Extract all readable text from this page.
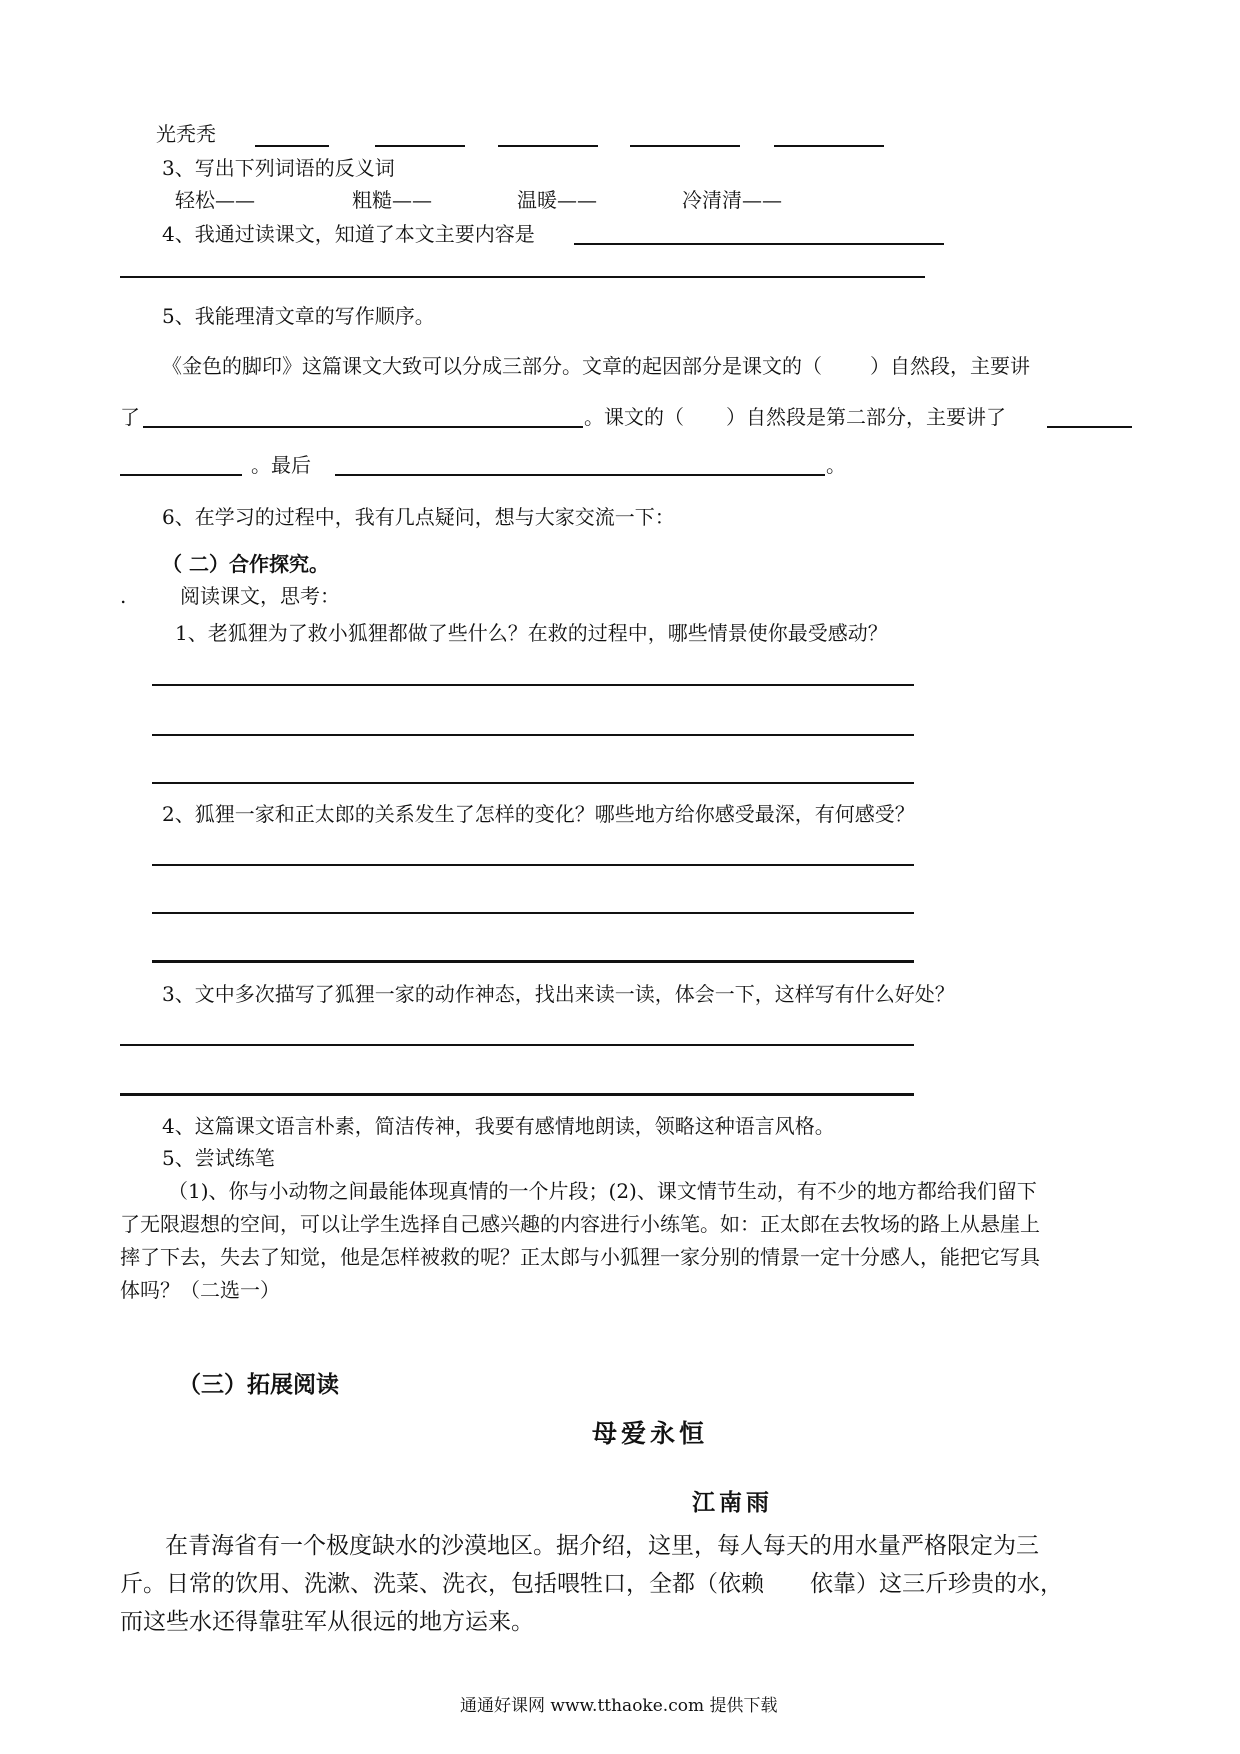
光秃秃
3、写出下列词语的反义词
轻松——	粗糙——	温暖——	冷清清——
4、我通过读课文，知道了本文主要内容是
5、我能理清文章的写作顺序。
《金色的脚印》这篇课文大致可以分成三部分。文章的起因部分是课文的（ ）自然段，主要讲
了	。课文的（ ）自然段是第二部分，主要讲了
。最后	。
6、在学习的过程中，我有几点疑问，想与大家交流一下：
（ 二）合作探究。
.	阅读课文，思考：
1、老狐狸为了救小狐狸都做了些什么？在救的过程中，哪些情景使你最受感动？
2、狐狸一家和正太郎的关系发生了怎样的变化？哪些地方给你感受最深，有何感受？
3、文中多次描写了狐狸一家的动作神态，找出来读一读，体会一下，这样写有什么好处？
4、这篇课文语言朴素，简洁传神，我要有感情地朗读，领略这种语言风格。
5、尝试练笔
（1)、你与小动物之间最能体现真情的一个片段；(2)、课文情节生动，有不少的地方都给我们留下
了无限遐想的空间，可以让学生选择自己感兴趣的内容进行小练笔。如：正太郎在去牧场的路上从悬崖上
摔了下去，失去了知觉，他是怎样被救的呢？正太郎与小狐狸一家分别的情景一定十分感人，能把它写具
体吗？（二选一）
（三）拓展阅读
母爱永恒
江南雨
在青海省有一个极度缺水的沙漠地区。据介绍，这里，每人每天的用水量严格限定为三
斤。日常的饮用、洗漱、洗菜、洗衣，包括喂牲口，全都（依赖 依靠）这三斤珍贵的水，
而这些水还得靠驻军从很远的地方运来。
通通好课网 www.tthaoke.com 提供下载
